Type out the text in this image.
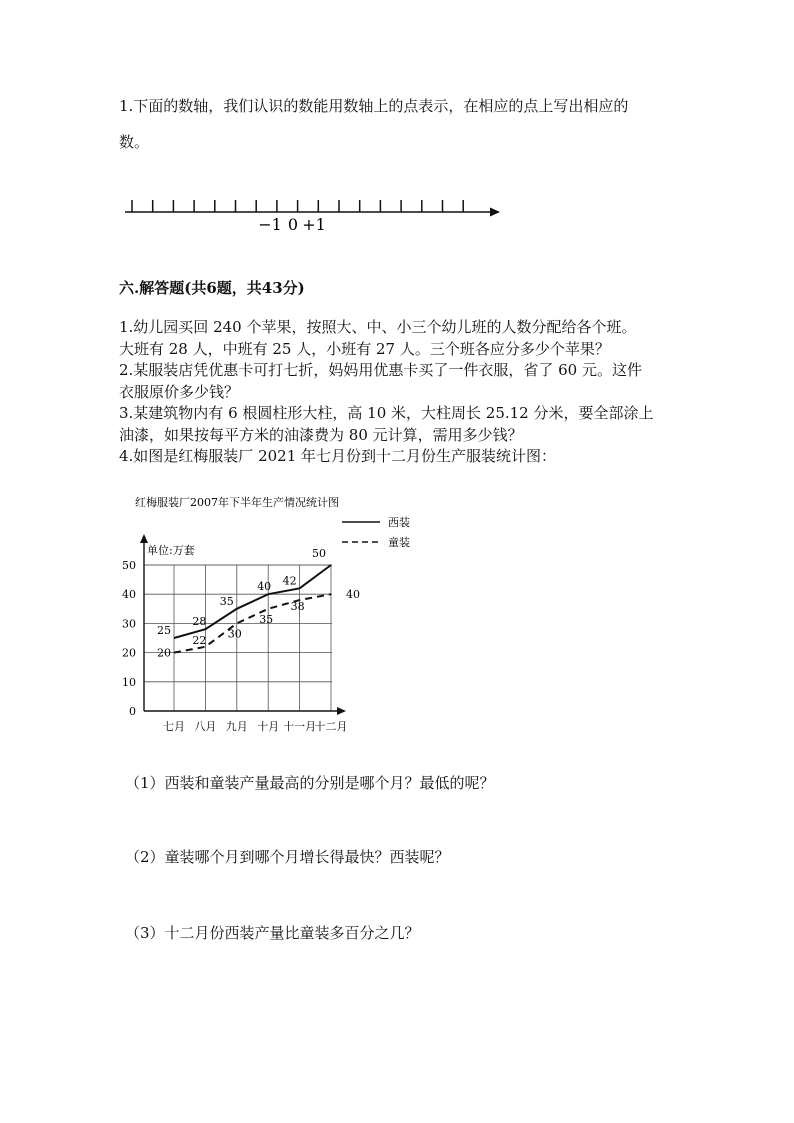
1.下面的数轴，我们认识的数能用数轴上的点表示，在相应的点上写出相应的
数。
−1 0 +1
六.解答题(共6题，共43分)
1.幼儿园买回 240 个苹果，按照大、中、小三个幼儿班的人数分配给各个班。
大班有 28 人，中班有 25 人，小班有 27 人。三个班各应分多少个苹果？
2.某服装店凭优惠卡可打七折，妈妈用优惠卡买了一件衣服，省了 60 元。这件
衣服原价多少钱？
3.某建筑物内有 6 根圆柱形大柱，高 10 米，大柱周长 25.12 分米，要全部涂上
油漆，如果按每平方米的油漆费为 80 元计算，需用多少钱？
4.如图是红梅服装厂 2021 年七月份到十二月份生产服装统计图：
红梅服装厂2007年下半年生产情况统计图
西装
童装
单位:万套
0
10
20
30
40
50
七月 八月 九月 十月 十一月
十二月
25
28
35
40 42
50
20
22 30
35
38
40
（1）西装和童装产量最高的分别是哪个月？最低的呢？
（2）童装哪个月到哪个月增长得最快？西装呢？
（3）十二月份西装产量比童装多百分之几？
